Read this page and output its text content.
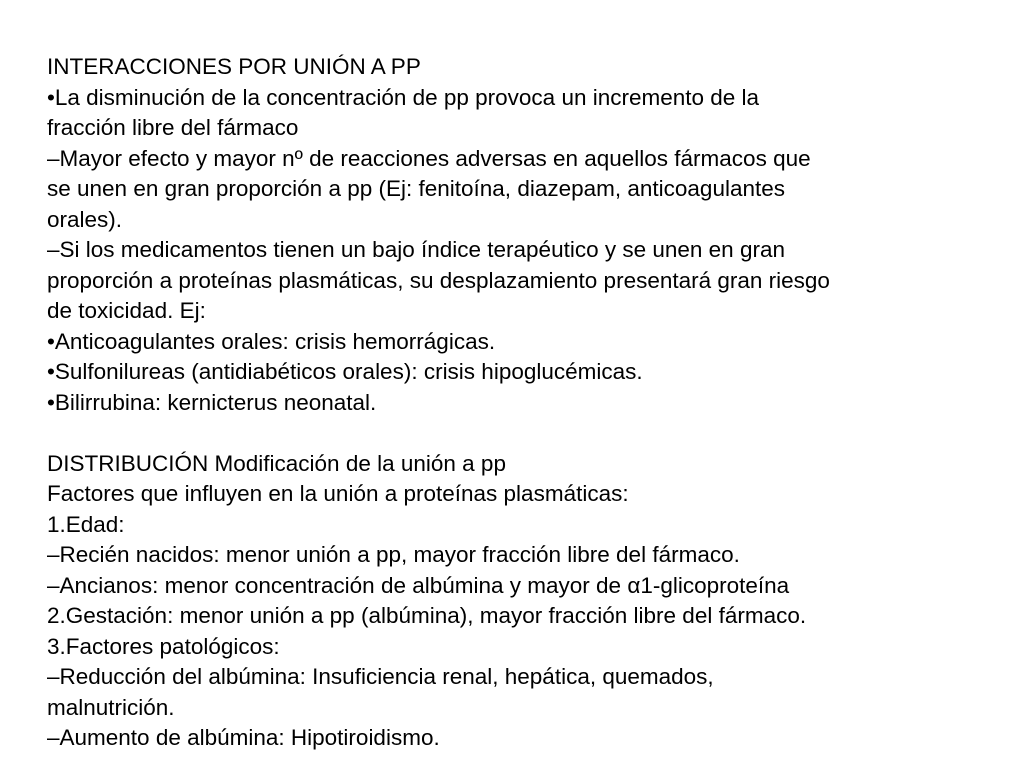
INTERACCIONES POR UNIÓN A PP
•La disminución de la concentración de pp provoca un incremento de la
fracción libre del fármaco
–Mayor efecto y mayor nº de reacciones adversas en aquellos fármacos que
se unen en gran proporción a pp (Ej: fenitoína, diazepam, anticoagulantes
orales).
–Si los medicamentos tienen un bajo índice terapéutico y se unen en gran
proporción a proteínas plasmáticas, su desplazamiento presentará gran riesgo
de toxicidad. Ej:
•Anticoagulantes orales: crisis hemorrágicas.
•Sulfonilureas (antidiabéticos orales): crisis hipoglucémicas.
•Bilirrubina: kernicterus neonatal.
DISTRIBUCIÓN Modificación de la unión a pp
Factores que influyen en la unión a proteínas plasmáticas:
1.Edad:
–Recién nacidos: menor unión a pp, mayor fracción libre del fármaco.
–Ancianos: menor concentración de albúmina y mayor de α1-glicoproteína
2.Gestación: menor unión a pp (albúmina), mayor fracción libre del fármaco.
3.Factores patológicos:
–Reducción del albúmina: Insuficiencia renal, hepática, quemados,
malnutrición.
–Aumento de albúmina: Hipotiroidismo.
